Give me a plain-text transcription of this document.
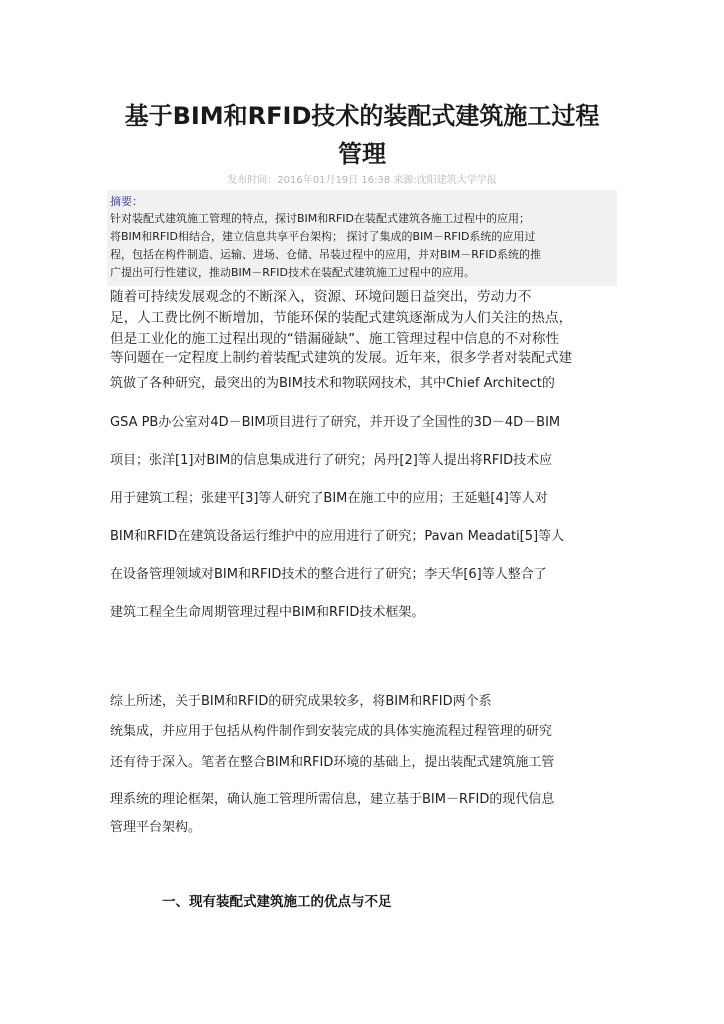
基于BIM和RFID技术的装配式建筑施工过程
管理
发布时间：2016年01月19日 16:38 来源:沈阳建筑大学学报
摘要：
针对装配式建筑施工管理的特点，探讨BIM和RFID在装配式建筑各施工过程中的应用；
将BIM和RFID相结合，建立信息共享平台架构； 探讨了集成的BIM－RFID系统的应用过
程，包括在构件制造、运输、进场、仓储、吊装过程中的应用，并对BIM－RFID系统的推
广提出可行性建议，推动BIM－RFID技术在装配式建筑施工过程中的应用。
随着可持续发展观念的不断深入，资源、环境问题日益突出，劳动力不
足，人工费比例不断增加，节能环保的装配式建筑逐渐成为人们关注的热点，
但是工业化的施工过程出现的“错漏碰缺”、施工管理过程中信息的不对称性
等问题在一定程度上制约着装配式建筑的发展。近年来，很多学者对装配式建
筑做了各种研究，最突出的为BIM技术和物联网技术，其中Chief Architect的
GSA PB办公室对4D－BIM项目进行了研究，并开设了全国性的3D－4D－BIM
项目；张洋[1]对BIM的信息集成进行了研究；呙丹[2]等人提出将RFID技术应
用于建筑工程；张建平[3]等人研究了BIM在施工中的应用；王延魁[4]等人对
BIM和RFID在建筑设备运行维护中的应用进行了研究；Pavan Meadati[5]等人
在设备管理领域对BIM和RFID技术的整合进行了研究；李天华[6]等人整合了
建筑工程全生命周期管理过程中BIM和RFID技术框架。
综上所述，关于BIM和RFID的研究成果较多，将BIM和RFID两个系
统集成，并应用于包括从构件制作到安装完成的具体实施流程过程管理的研究
还有待于深入。笔者在整合BIM和RFID环境的基础上，提出装配式建筑施工管
理系统的理论框架，确认施工管理所需信息，建立基于BIM－RFID的现代信息
管理平台架构。
一、现有装配式建筑施工的优点与不足
